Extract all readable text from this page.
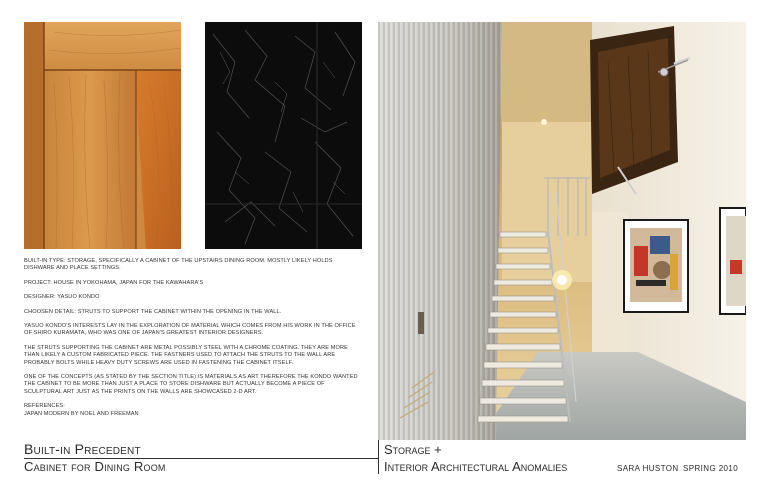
BUILT-IN TYPE: STORAGE, SPECIFICALLY A CABINET OF THE UPSTAIRS DINING ROOM. MOSTLY LIKELY HOLDS DISHWARE AND PLACE SETTINGS.

PROJECT: HOUSE IN YOKOHAMA, JAPAN FOR THE KAWAHARA'S

DESIGNER: YASUO KONDO

CHOOSEN DETAIL: STRUTS TO SUPPORT THE CABINET WITHIN THE OPENING IN THE WALL.

YASUO KONDO'S INTERESTS LAY IN THE EXPLORATION OF MATERIAL WHICH COMES FROM HIS WORK IN THE OFFICE OF SHIRO KURAMATA, WHO WAS ONE OF JAPAN'S GREATEST INTERIOR DESIGNERS.

THE STRUTS SUPPORTING THE CABINET ARE METAL POSSIBLY STEEL WITH A CHROME COATING. THEY ARE MORE THAN LIKELY A CUSTOM FABRICATED PIECE. THE FASTNERS USED TO ATTACH THE STRUTS TO THE WALL ARE PROBABLY BOLTS WHILE HEAVY DUTY SCREWS ARE USED IN FASTENING THE CABINET ITSELF.

ONE OF THE CONCEPTS (AS STATED BY THE SECTION TITLE) IS MATERIALS AS ART THEREFORE THE KONDO WANTED THE CABINET TO BE MORE THAN JUST A PLACE TO STORE DISHWARE BUT ACTUALLY BECOME A PIECE OF SCULPTURAL ART JUST AS THE PRINTS ON THE WALLS ARE SHOWCASED 2-D ART.

REFERENCES:
JAPAN MODERN BY NOEL AND FREEMAN
Built-in Precedent
Cabinet for Dining Room
Storage +
Interior Architectural Anomalies	SARA HUSTON SPRING 2010
